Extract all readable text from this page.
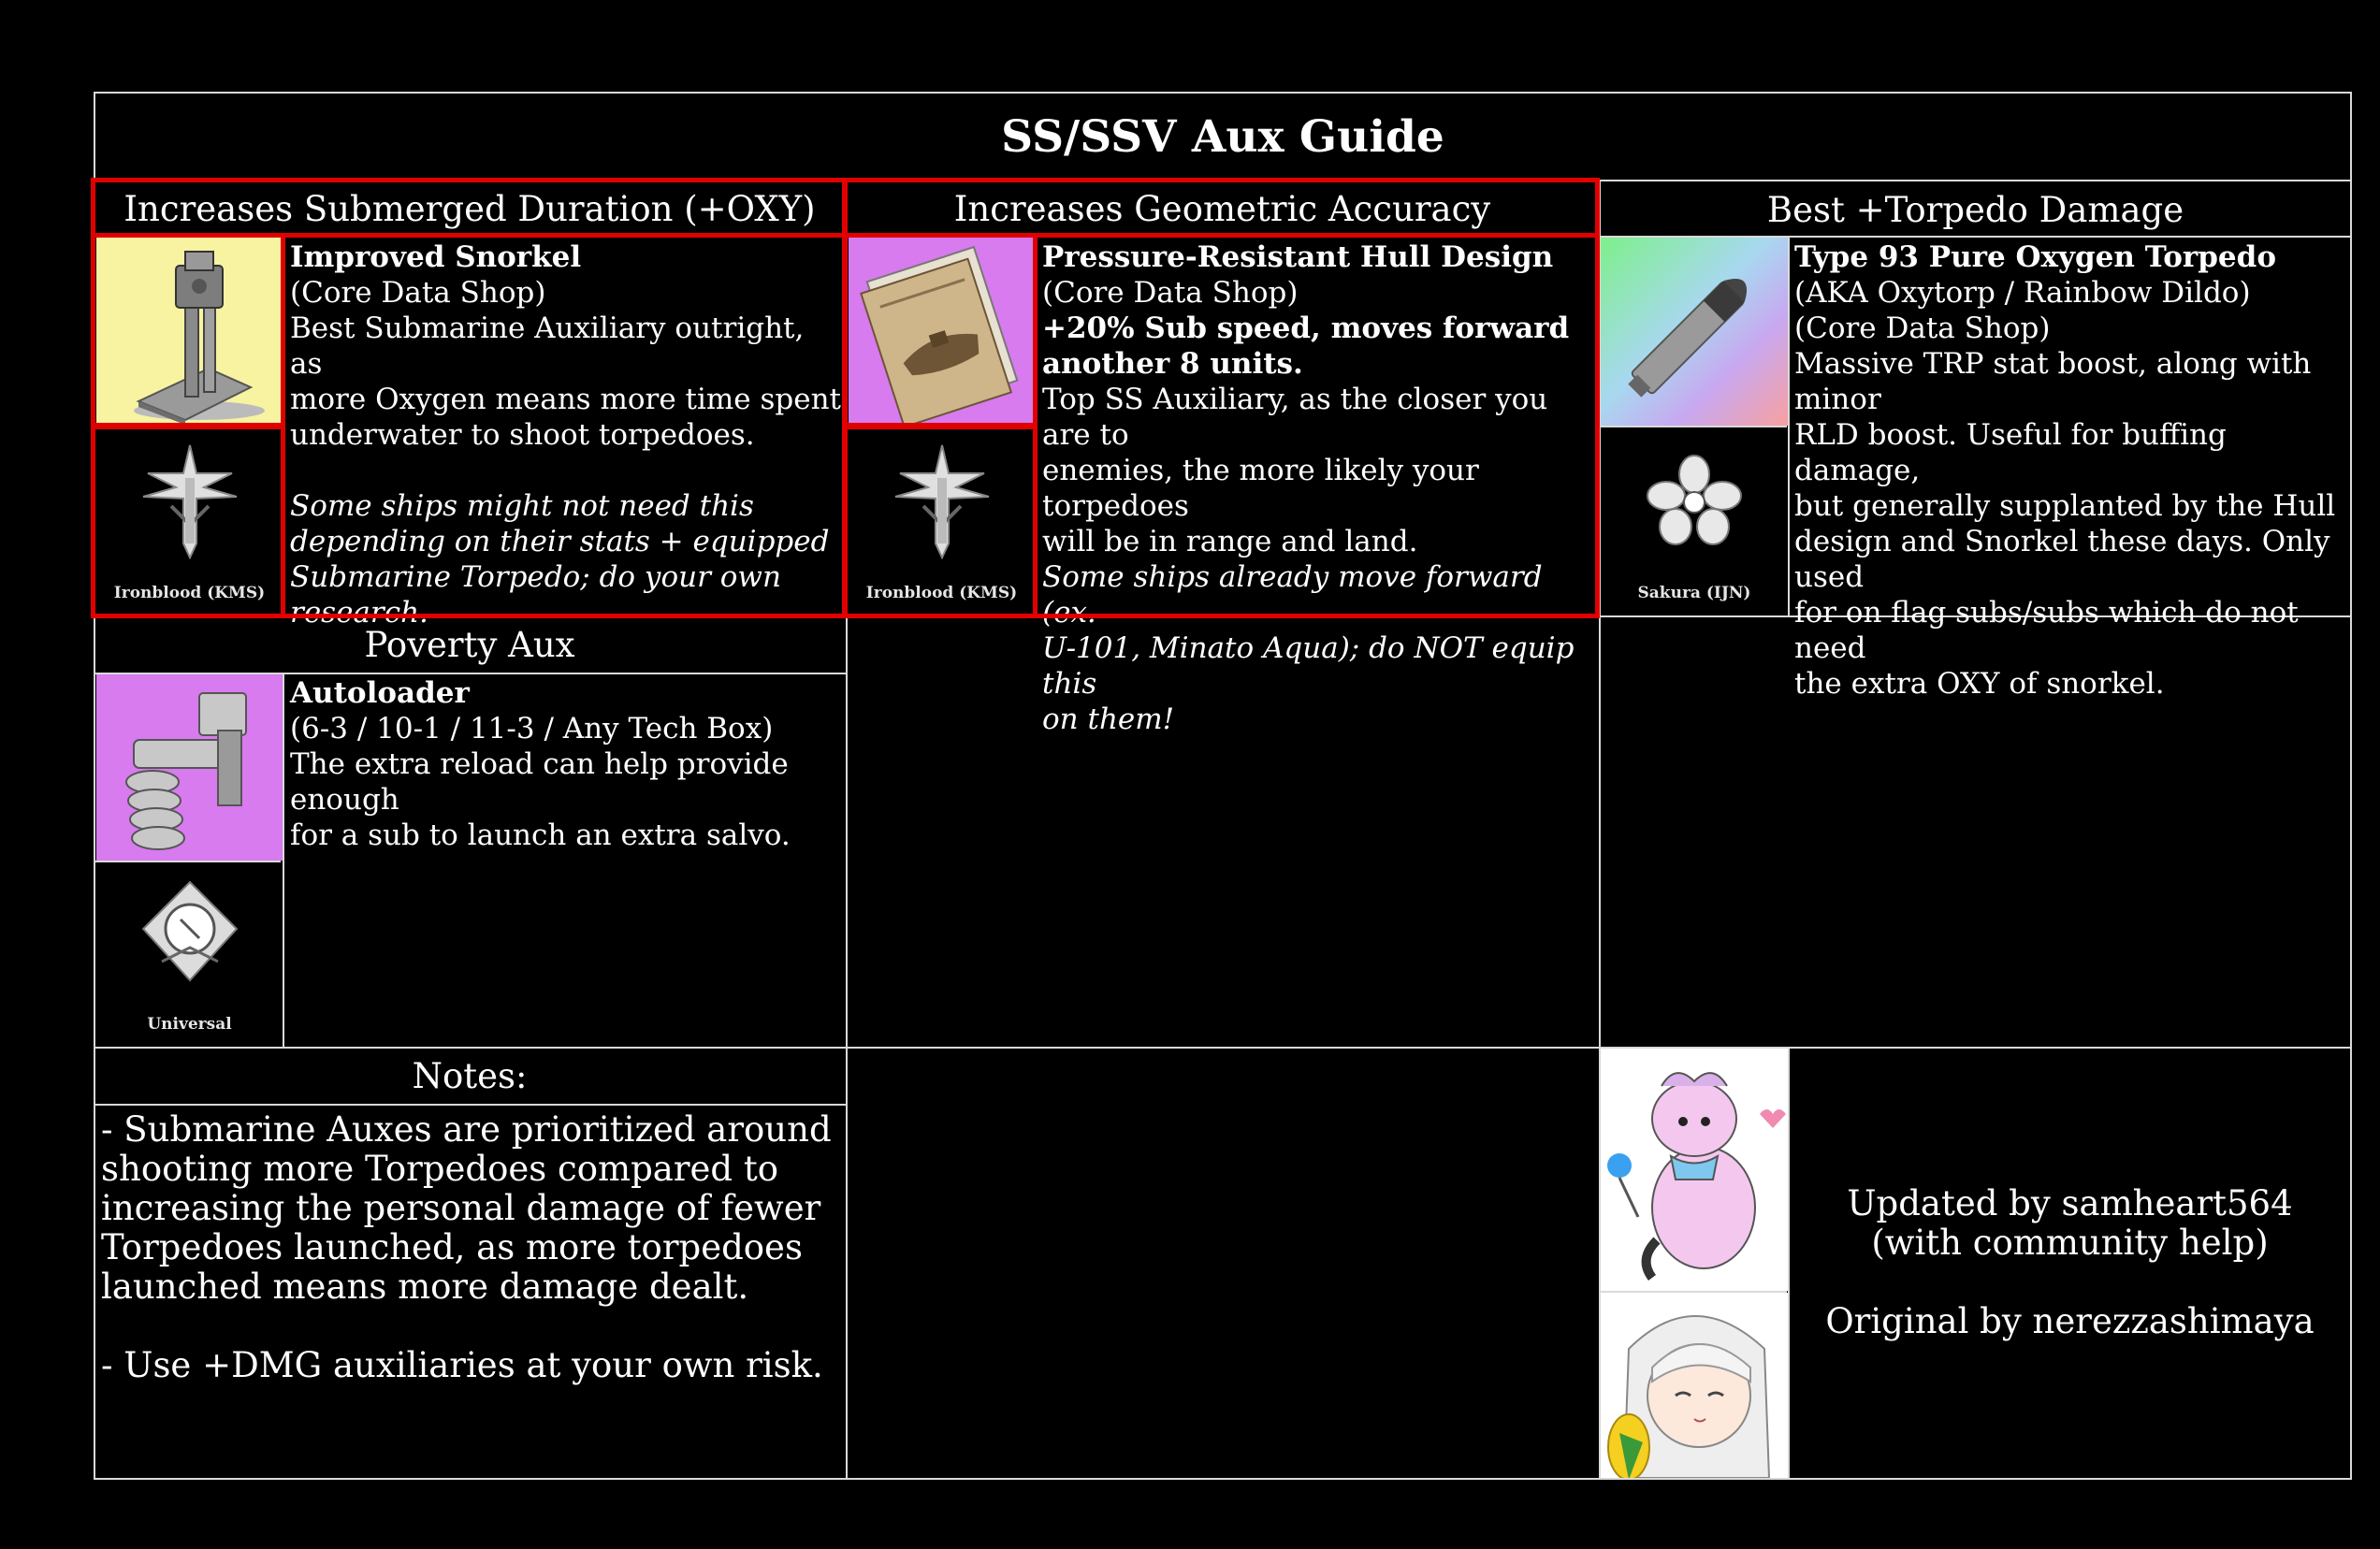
SS/SSV Aux Guide
Increases Submerged Duration (+OXY)	Increases Geometric Accuracy	Best +Torpedo Damage
Ironblood (KMS)
Improved Snorkel
(Core Data Shop)
Best Submarine Auxiliary outright, as
more Oxygen means more time spent
underwater to shoot torpedoes.
Some ships might not need this
depending on their stats + equipped
Submarine Torpedo; do your own
research.
Ironblood (KMS)
Pressure-Resistant Hull Design
(Core Data Shop)
+20% Sub speed, moves forward
another 8 units.
Top SS Auxiliary, as the closer you are to
enemies, the more likely your torpedoes
will be in range and land.
Some ships already move forward (ex.
U-101, Minato Aqua); do NOT equip this
on them!
Sakura (IJN)
Type 93 Pure Oxygen Torpedo
(AKA Oxytorp / Rainbow Dildo)
(Core Data Shop)
Massive TRP stat boost, along with minor
RLD boost. Useful for buffing damage,
but generally supplanted by the Hull
design and Snorkel these days. Only used
for on flag subs/subs which do not need
the extra OXY of snorkel.
Poverty Aux
Universal
Autoloader
(6-3 / 10-1 / 11-3 / Any Tech Box)
The extra reload can help provide enough
for a sub to launch an extra salvo.
Notes:
- Submarine Auxes are prioritized around
shooting more Torpedoes compared to
increasing the personal damage of fewer
Torpedoes launched, as more torpedoes
launched means more damage dealt.
- Use +DMG auxiliaries at your own risk.
Updated by samheart564
(with community help)
Original by nerezzashimaya
